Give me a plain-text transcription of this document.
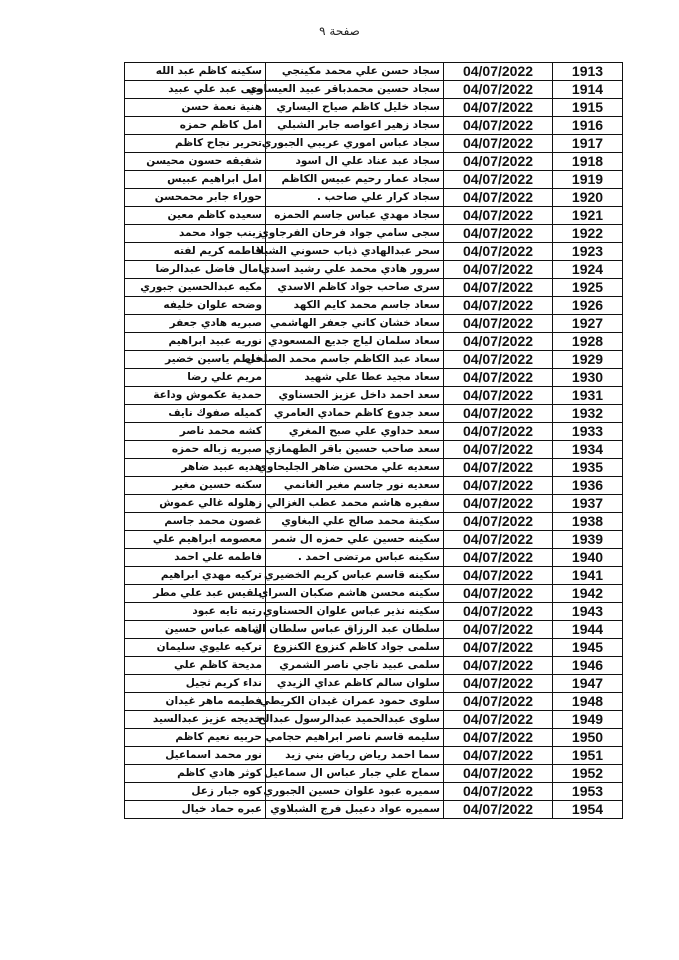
صفحة ٩
سكينه كاظم عبد الله	سجاد حسن علي محمد مكينجي	04/07/2022	1913
منى عبد علي عبيد	سجاد حسين محمدباقر عبيد العيساوي	04/07/2022	1914
هنية نعمة حسن	سجاد خليل كاظم صياح اليساري	04/07/2022	1915
امل كاظم حمزه	سجاد زهير اعواصه جابر الشبلي	04/07/2022	1916
تحرير نجاح كاظم	سجاد عباس اموري عريبي الجبوري	04/07/2022	1917
شفيقه حسون محيسن	سجاد عبد عناد علي ال اسود	04/07/2022	1918
امل ابراهيم عبيس	سجاد عمار رحيم عبيس الكاظم	04/07/2022	1919
حوراء جابر محمحسن	سجاد كرار علي صاحب .	04/07/2022	1920
سعيده كاظم معين	سجاد مهدي عباس جاسم الحمزه	04/07/2022	1921
زينب جواد محمد	سجى سامي جواد فرحان الفرجاوي	04/07/2022	1922
فاطمه كريم لفته	سحر عبدالهادي ذياب حسوني الشبلا	04/07/2022	1923
امال فاضل عبدالرضا	سرور هادي محمد علي رشيد اسدي	04/07/2022	1924
مكيه عبدالحسين جبوري	سرى صاحب جواد كاظم الاسدي	04/07/2022	1925
وضحه علوان خليفه	سعاد جاسم محمد كايم الكهد	04/07/2022	1926
صبريه هادي جعفر	سعاد خشان كاني جعفر الهاشمي	04/07/2022	1927
نوريه عبيد ابراهيم	سعاد سلمان لياج جديع المسعودي	04/07/2022	1928
فاطم ياسين خضير	سعاد عبد الكاظم جاسم محمد الصلحي	04/07/2022	1929
مريم علي رضا	سعاد مجيد عطا علي شهيد	04/07/2022	1930
حمدية عكموش وداعة	سعد احمد داخل عزيز الحسناوي	04/07/2022	1931
كميله صفوك نايف	سعد جدوع كاظم حمادي العامري	04/07/2022	1932
كشه محمد ناصر	سعد حداوي علي صبح المغري	04/07/2022	1933
صبريه زباله حمزه	سعد صاحب حسين باقر الطهمازي	04/07/2022	1934
هديه عبيد ضاهر	سعديه علي محسن ضاهر الجليحاوي	04/07/2022	1935
سكنه حسين مغير	سعديه نور جاسم مغير الغانمي	04/07/2022	1936
زهلوله غالي عموش	سفيره هاشم محمد عطب الغزالي	04/07/2022	1937
غصون محمد جاسم	سكينة محمد صالح علي البغاوي	04/07/2022	1938
معصومه ابراهيم علي	سكينه حسين علي حمزه ال شمر	04/07/2022	1939
فاطمه علي احمد	سكينه عباس مرتضى احمد .	04/07/2022	1940
تركيه مهدي ابراهيم	سكينه قاسم عباس كريم الخضيري	04/07/2022	1941
بلقيس عبد علي مطر	سكينه محسن هاشم صكبان السراي	04/07/2022	1942
رتبه تايه عبود	سكينه نذير عباس علوان الحسناوي	04/07/2022	1943
شاهه عباس حسين	سلطان عبد الرزاق عباس سلطان ال	04/07/2022	1944
تركيه عليوي سليمان	سلمى جواد كاظم كنزوع الكنزوع	04/07/2022	1945
مديحة كاظم علي	سلمى عبيد ناجي ناصر الشمري	04/07/2022	1946
نداء كريم ثجيل	سلوان سالم كاظم عداي الزيدي	04/07/2022	1947
فطيمه ماهر غيدان	سلوى حمود عمران غيدان الكريطي	04/07/2022	1948
خديجه عزيز عبدالسيد	سلوى عبدالحميد عبدالرسول عبدالح	04/07/2022	1949
حربيه نعيم كاظم	سليمه قاسم ناصر ابراهيم حجامي	04/07/2022	1950
نور محمد اسماعيل	سما احمد رياض رياض بني زيد	04/07/2022	1951
كوثر هادي كاظم	سماح علي جبار عباس ال سماعيل	04/07/2022	1952
كوه جبار زعل	سميره عبود علوان حسين الجبوري	04/07/2022	1953
عبره حماد خيال	سميره عواد دعيبل فرج الشبلاوي	04/07/2022	1954
